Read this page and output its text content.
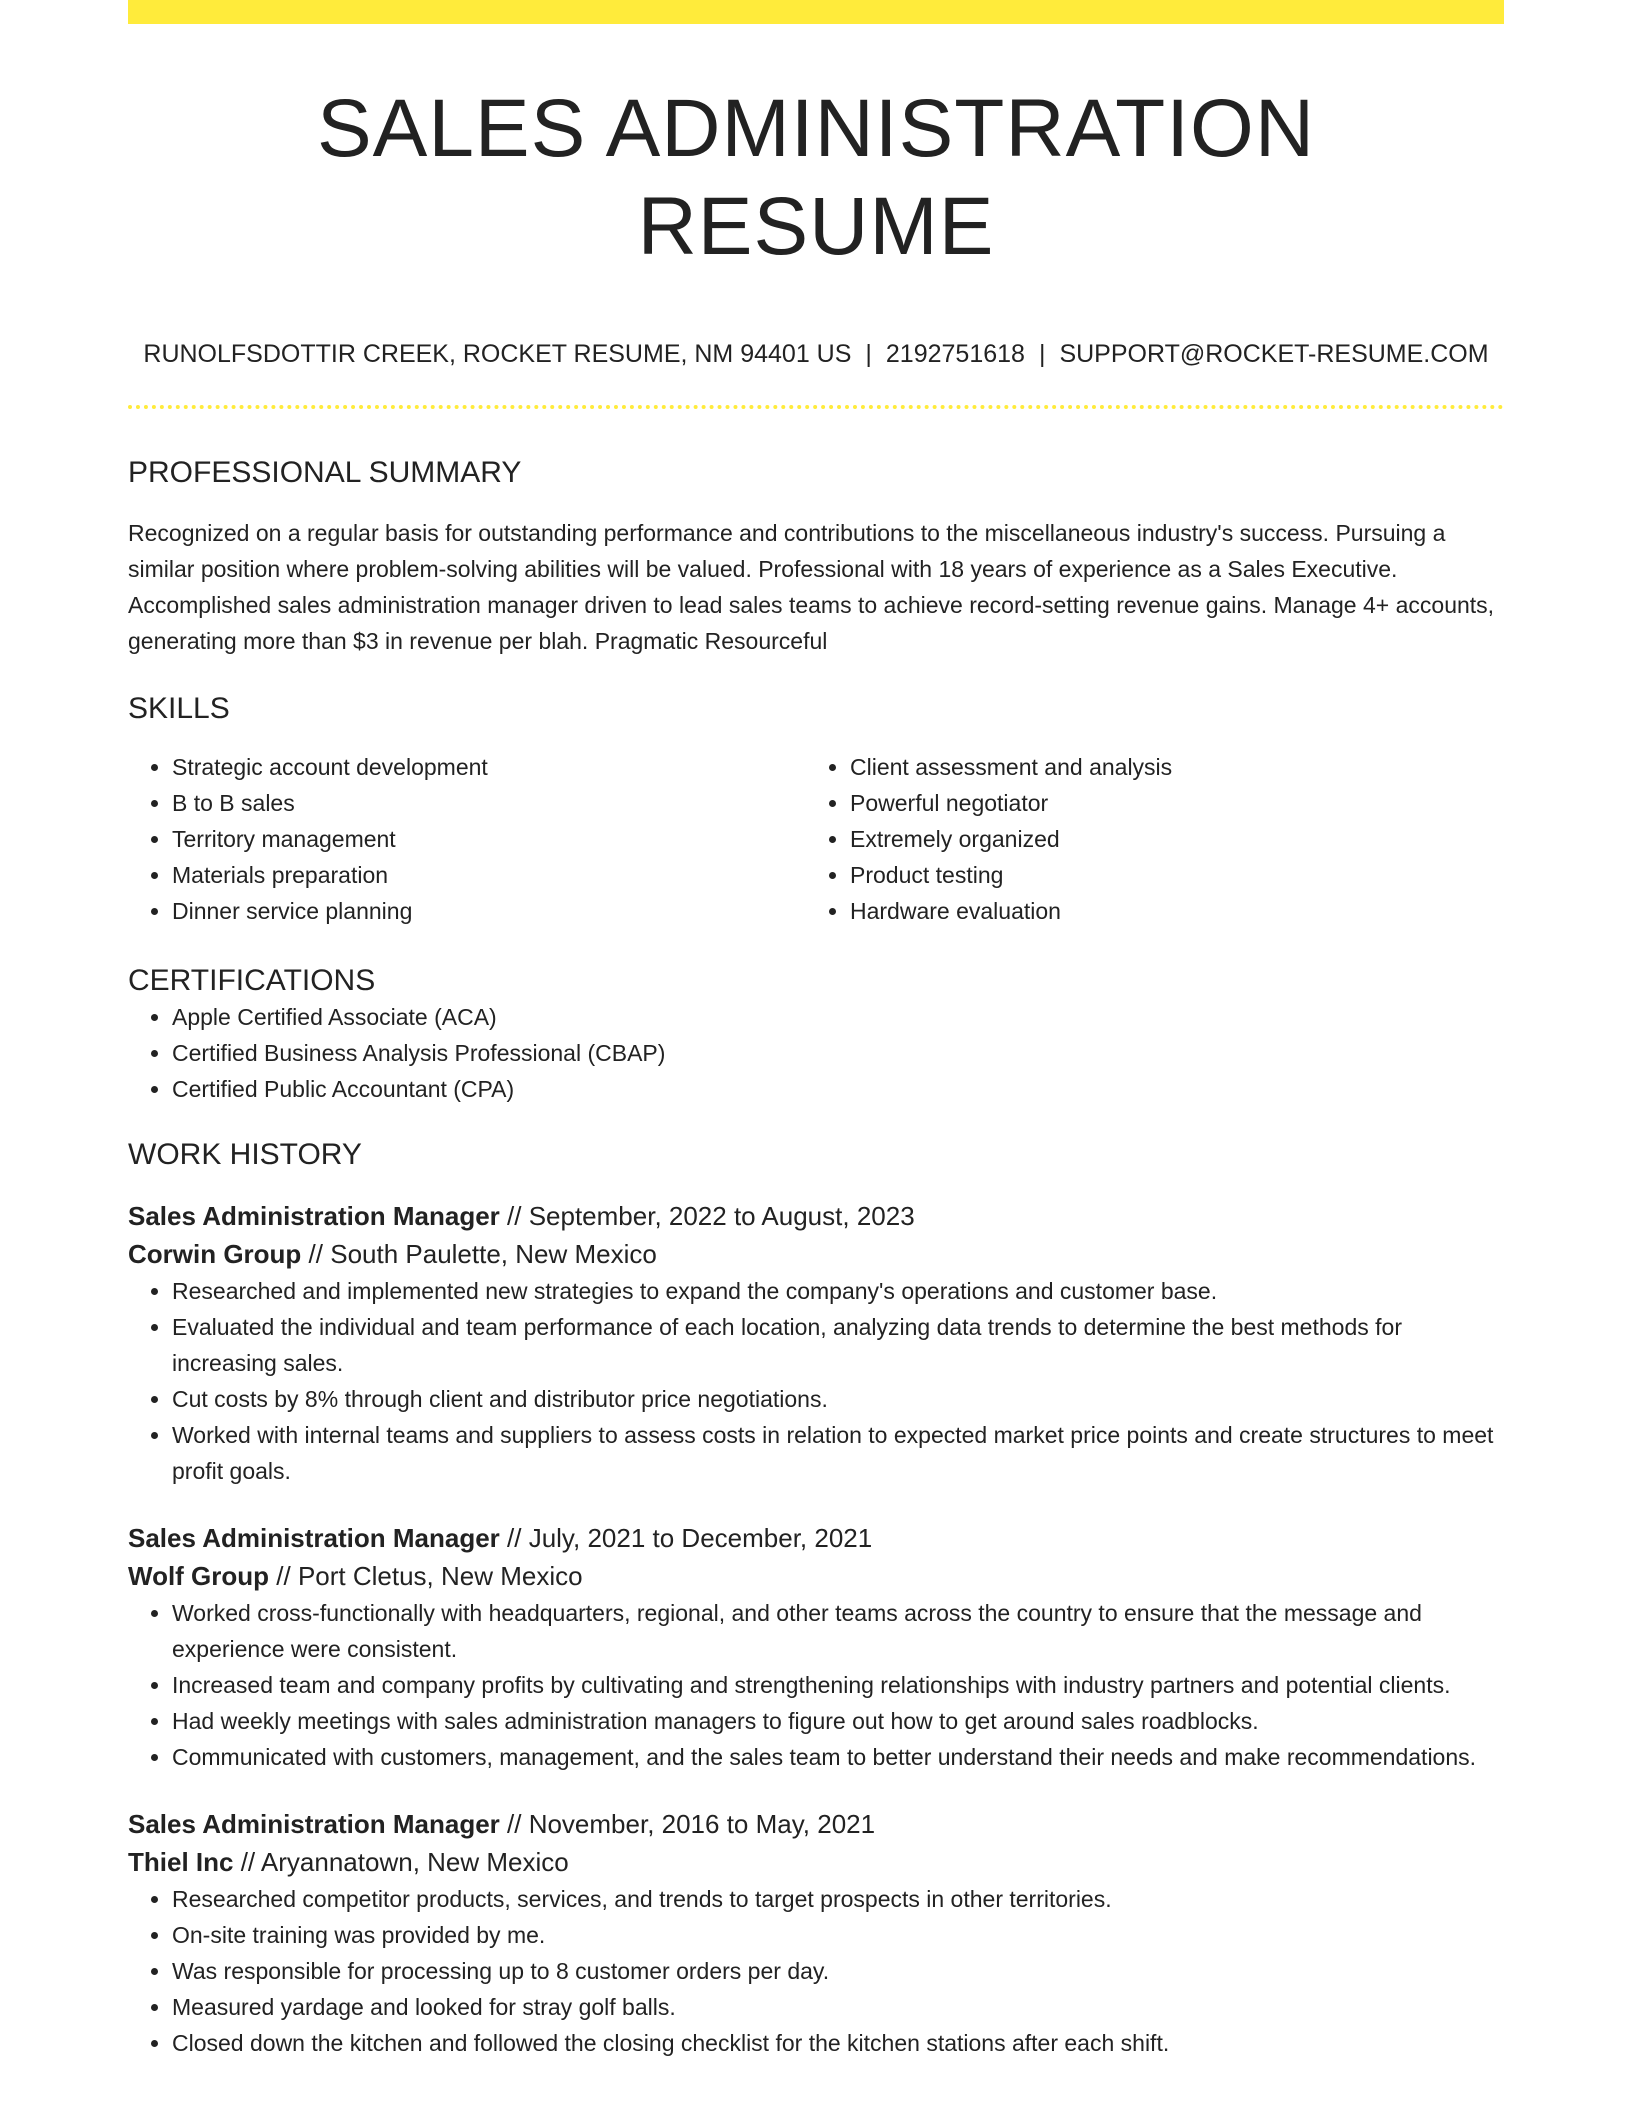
SALES ADMINISTRATION RESUME
RUNOLFSDOTTIR CREEK, ROCKET RESUME, NM 94401 US | 2192751618 | SUPPORT@ROCKET-RESUME.COM
PROFESSIONAL SUMMARY

Recognized on a regular basis for outstanding performance and contributions to the miscellaneous industry's success. Pursuing a similar position where problem-solving abilities will be valued. Professional with 18 years of experience as a Sales Executive. Accomplished sales administration manager driven to lead sales teams to achieve record-setting revenue gains. Manage 4+ accounts, generating more than $3 in revenue per blah. Pragmatic Resourceful

SKILLS
• Strategic account development
• B to B sales
• Territory management
• Materials preparation
• Dinner service planning
• Client assessment and analysis
• Powerful negotiator
• Extremely organized
• Product testing
• Hardware evaluation
CERTIFICATIONS
• Apple Certified Associate (ACA)
• Certified Business Analysis Professional (CBAP)
• Certified Public Accountant (CPA)
WORK HISTORY
Sales Administration Manager // September, 2022 to August, 2023
Corwin Group // South Paulette, New Mexico
• Researched and implemented new strategies to expand the company's operations and customer base.
• Evaluated the individual and team performance of each location, analyzing data trends to determine the best methods for increasing sales.
• Cut costs by 8% through client and distributor price negotiations.
• Worked with internal teams and suppliers to assess costs in relation to expected market price points and create structures to meet profit goals.
Sales Administration Manager // July, 2021 to December, 2021
Wolf Group // Port Cletus, New Mexico
• Worked cross-functionally with headquarters, regional, and other teams across the country to ensure that the message and experience were consistent.
• Increased team and company profits by cultivating and strengthening relationships with industry partners and potential clients.
• Had weekly meetings with sales administration managers to figure out how to get around sales roadblocks.
• Communicated with customers, management, and the sales team to better understand their needs and make recommendations.
Sales Administration Manager // November, 2016 to May, 2021
Thiel Inc // Aryannatown, New Mexico
• Researched competitor products, services, and trends to target prospects in other territories.
• On-site training was provided by me.
• Was responsible for processing up to 8 customer orders per day.
• Measured yardage and looked for stray golf balls.
• Closed down the kitchen and followed the closing checklist for the kitchen stations after each shift.
